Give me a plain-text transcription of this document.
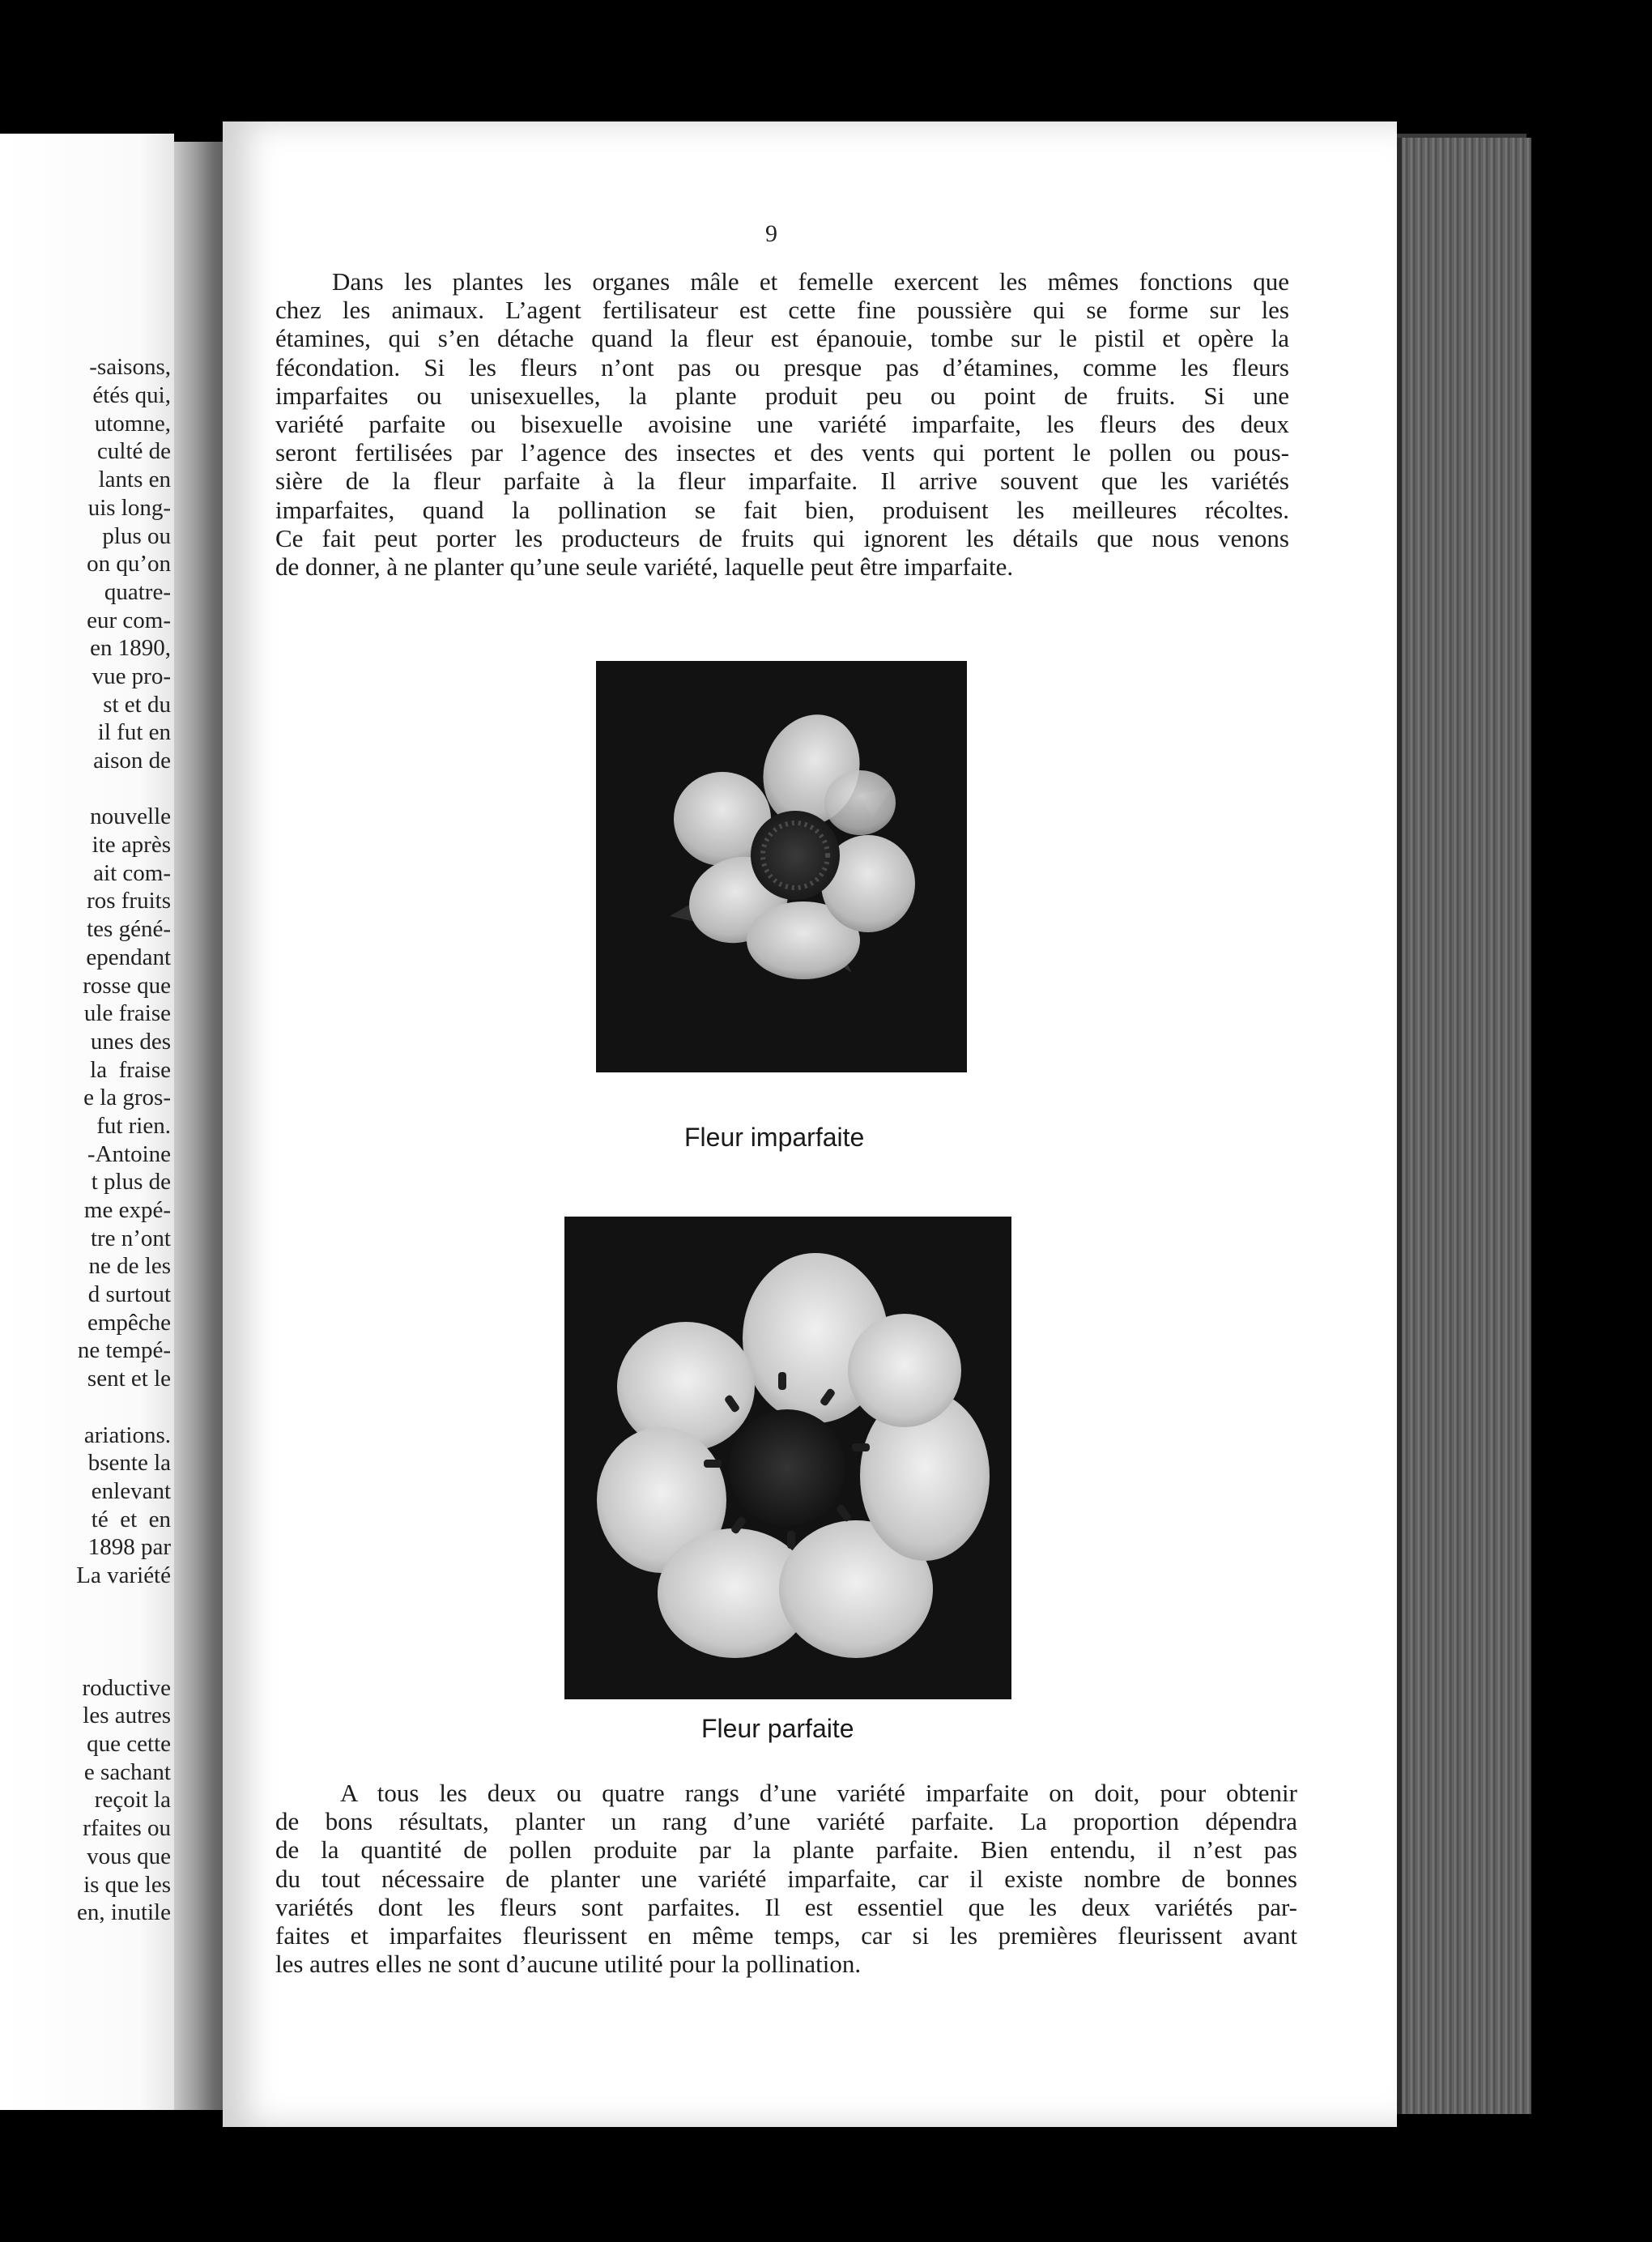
-saisons,
étés qui,
utomne,
culté de
lants en
uis long-
plus ou
on qu’on
quatre-
eur com-
en 1890,
vue pro-
st et du
il fut en
aison de
nouvelle
ite après
ait com-
ros fruits
tes géné-
ependant
rosse que
ule fraise
unes des
la  fraise
e la gros-
fut rien.
-Antoine
t plus de
me expé-
tre n’ont
ne de les
d surtout
empêche
ne tempé-
sent et le
ariations.
bsente la
enlevant
té  et  en
1898 par
La variété
roductive
les autres
que cette
e sachant
reçoit la
rfaites ou
vous que
is que les
en, inutile
9
Dans les plantes les organes mâle et femelle exercent les mêmes fonctions que
chez les animaux. L’agent fertilisateur est cette fine poussière qui se forme sur les
étamines, qui s’en détache quand la fleur est épanouie, tombe sur le pistil et opère la
fécondation. Si les fleurs n’ont pas ou presque pas d’étamines, comme les fleurs
imparfaites ou unisexuelles, la plante produit peu ou point de fruits. Si une
variété parfaite ou bisexuelle avoisine une variété imparfaite, les fleurs des deux
seront fertilisées par l’agence des insectes et des vents qui portent le pollen ou pous-
sière de la fleur parfaite à la fleur imparfaite. Il arrive souvent que les variétés
imparfaites, quand la pollination se fait bien, produisent les meilleures récoltes.
Ce fait peut porter les producteurs de fruits qui ignorent les détails que nous venons
de donner, à ne planter qu’une seule variété, laquelle peut être imparfaite.
Fleur imparfaite
Fleur parfaite
A tous les deux ou quatre rangs d’une variété imparfaite on doit, pour obtenir
de bons résultats, planter un rang d’une variété parfaite. La proportion dépendra
de la quantité de pollen produite par la plante parfaite. Bien entendu, il n’est pas
du tout nécessaire de planter une variété imparfaite, car il existe nombre de bonnes
variétés dont les fleurs sont parfaites. Il est essentiel que les deux variétés par-
faites et imparfaites fleurissent en même temps, car si les premières fleurissent avant
les autres elles ne sont d’aucune utilité pour la pollination.
